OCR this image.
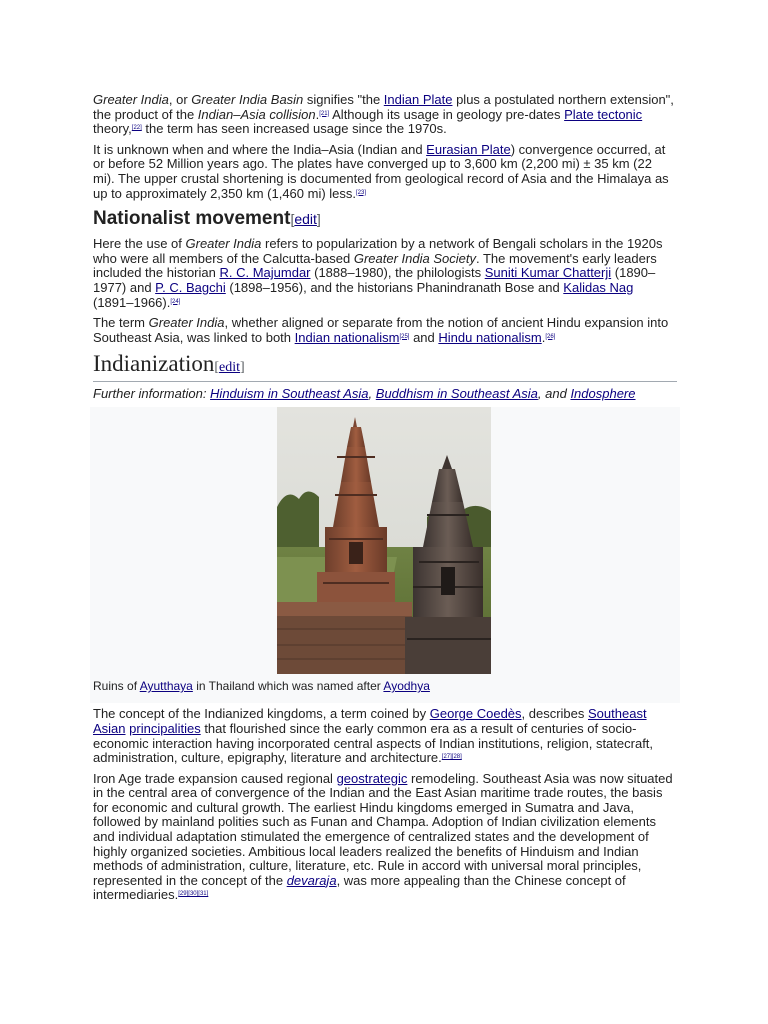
Greater India, or Greater India Basin signifies "the Indian Plate plus a postulated northern extension", the product of the Indian–Asia collision.[21] Although its usage in geology pre-dates Plate tectonic theory,[22] the term has seen increased usage since the 1970s.

It is unknown when and where the India–Asia (Indian and Eurasian Plate) convergence occurred, at or before 52 Million years ago. The plates have converged up to 3,600 km (2,200 mi) ± 35 km (22 mi). The upper crustal shortening is documented from geological record of Asia and the Himalaya as up to approximately 2,350 km (1,460 mi) less.[23]

Nationalist movement[edit]

Here the use of Greater India refers to popularization by a network of Bengali scholars in the 1920s who were all members of the Calcutta-based Greater India Society. The movement's early leaders included the historian R. C. Majumdar (1888–1980), the philologists Suniti Kumar Chatterji (1890–1977) and P. C. Bagchi (1898–1956), and the historians Phanindranath Bose and Kalidas Nag (1891–1966).[24]

The term Greater India, whether aligned or separate from the notion of ancient Hindu expansion into Southeast Asia, was linked to both Indian nationalism[25] and Hindu nationalism.[26]

Indianization[edit]
Further information: Hinduism in Southeast Asia, Buddhism in Southeast Asia, and Indosphere
Ruins of Ayutthaya in Thailand which was named after Ayodhya

The concept of the Indianized kingdoms, a term coined by George Coedès, describes Southeast Asian principalities that flourished since the early common era as a result of centuries of socio-economic interaction having incorporated central aspects of Indian institutions, religion, statecraft, administration, culture, epigraphy, literature and architecture.[27][28]

Iron Age trade expansion caused regional geostrategic remodeling. Southeast Asia was now situated in the central area of convergence of the Indian and the East Asian maritime trade routes, the basis for economic and cultural growth. The earliest Hindu kingdoms emerged in Sumatra and Java, followed by mainland polities such as Funan and Champa. Adoption of Indian civilization elements and individual adaptation stimulated the emergence of centralized states and the development of highly organized societies. Ambitious local leaders realized the benefits of Hinduism and Indian methods of administration, culture, literature, etc. Rule in accord with universal moral principles, represented in the concept of the devaraja, was more appealing than the Chinese concept of intermediaries.[29][30][31]
